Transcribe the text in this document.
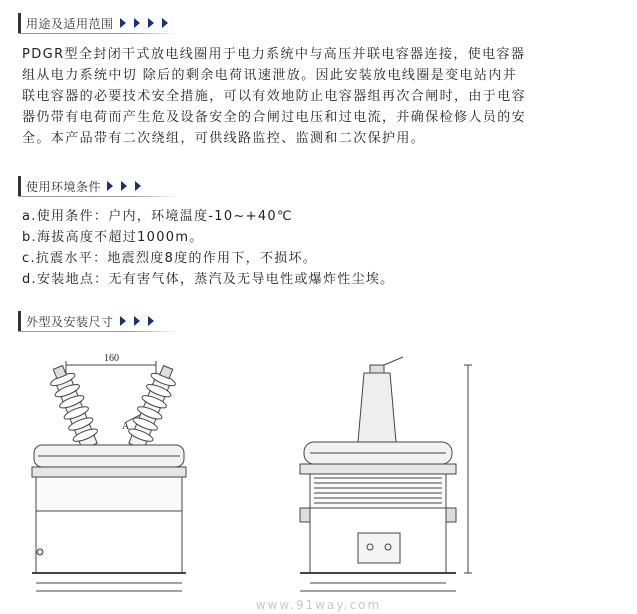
用途及适用范围

PDGR型全封闭干式放电线圈用于电力系统中与高压并联电容器连接，使电容器

组从电力系统中切 除后的剩余电荷讯速泄放。因此安装放电线圈是变电站内并

联电容器的必要技术安全措施，可以有效地防止电容器组再次合闸时，由于电容

器仍带有电荷而产生危及设备安全的合闸过电压和过电流，并确保检修人员的安

全。本产品带有二次绕组，可供线路监控、监测和二次保护用。

使用环境条件
a.使用条件：户内，环境温度-10~+40℃
b.海拔高度不超过1000m。
c.抗震水平：地震烈度8度的作用下，不损坏。
d.安装地点：无有害气体，蒸汽及无导电性或爆炸性尘埃。
外型及安装尺寸
160
A
www.91way.com
